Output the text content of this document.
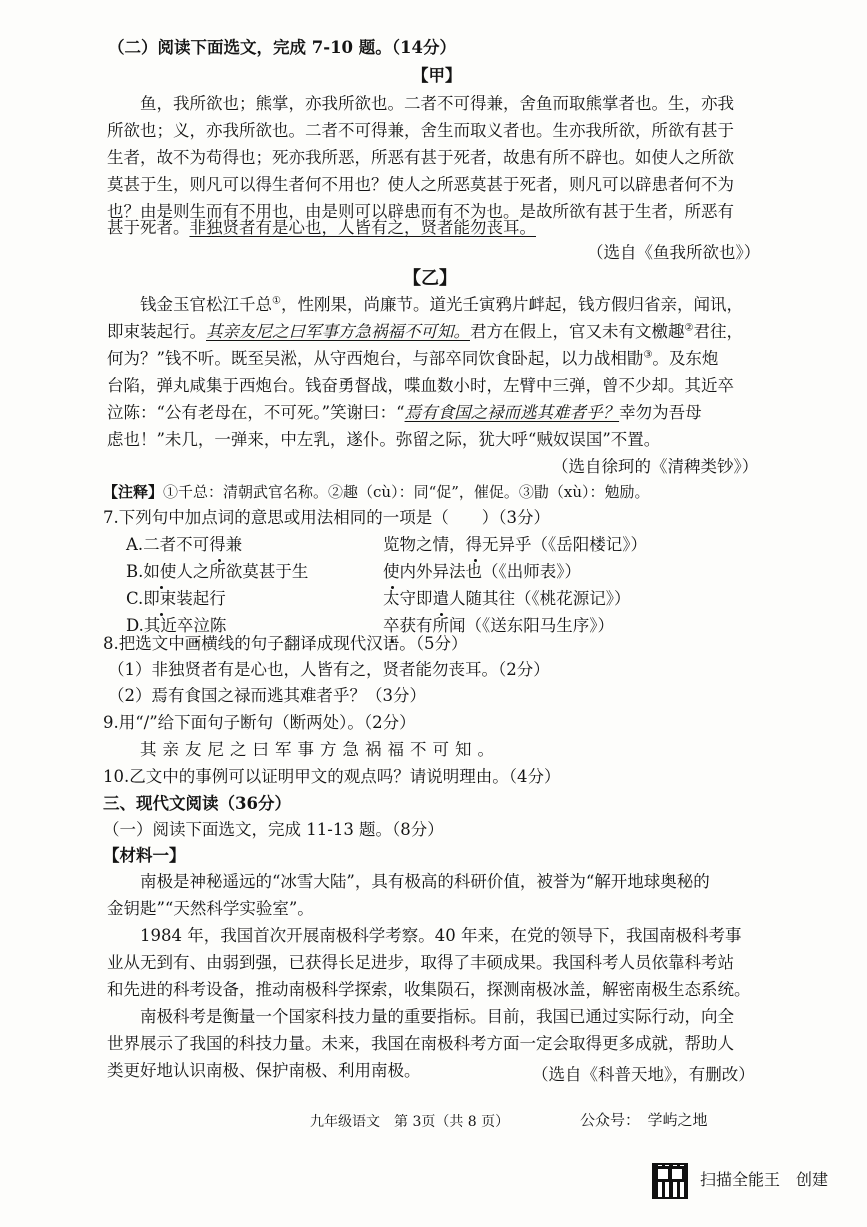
（二）阅读下面选文，完成 7-10 题。（14分）
【甲】
鱼，我所欲也；熊掌，亦我所欲也。二者不可得兼，舍鱼而取熊掌者也。生，亦我
所欲也；义，亦我所欲也。二者不可得兼，舍生而取义者也。生亦我所欲，所欲有甚于
生者，故不为苟得也；死亦我所恶，所恶有甚于死者，故患有所不辟也。如使人之所欲
莫甚于生，则凡可以得生者何不用也？使人之所恶莫甚于死者，则凡可以辟患者何不为
也？由是则生而有不用也，由是则可以辟患而有不为也。是故所欲有甚于生者，所恶有
甚于死者。非独贤者有是心也，人皆有之，贤者能勿丧耳。
（选自《鱼我所欲也》）
【乙】
钱金玉官松江千总①，性刚果，尚廉节。道光壬寅鸦片衅起，钱方假归省亲，闻讯，
即束装起行。其亲友尼之曰军事方急祸福不可知。君方在假上，官又未有文檄趣②君往，
何为？”钱不听。既至吴淞，从守西炮台，与部卒同饮食卧起，以力战相勖③。及东炮
台陷，弹丸咸集于西炮台。钱奋勇督战，喋血数小时，左臂中三弹，曾不少却。其近卒
泣陈：“公有老母在，不可死。”笑谢曰：“焉有食国之禄而逃其难者乎？幸勿为吾母
虑也！”未几，一弹来，中左乳，遂仆。弥留之际，犹大呼“贼奴误国”不置。
（选自徐珂的《清稗类钞》）
【注释】①千总：清朝武官名称。②趣（cù）：同“促”，催促。③勖（xù）：勉励。
7.下列句中加点词的意思或用法相同的一项是（　　）（3分）
A.二者不可得兼	览物之情，得无异乎（《岳阳楼记》）
B.如使人之所欲莫甚于生	使内外异法也（《出师表》）
C.即束装起行	太守即遣人随其往（《桃花源记》）
D.其近卒泣陈	卒获有所闻（《送东阳马生序》）
8.把选文中画横线的句子翻译成现代汉语。（5分）
（1）非独贤者有是心也，人皆有之，贤者能勿丧耳。（2分）
（2）焉有食国之禄而逃其难者乎？（3分）
9.用“/”给下面句子断句（断两处）。（2分）
其亲友尼之曰军事方急祸福不可知。
10.乙文中的事例可以证明甲文的观点吗？请说明理由。（4分）
三、现代文阅读（36分）
（一）阅读下面选文，完成 11-13 题。（8分）
【材料一】
南极是神秘遥远的“冰雪大陆”，具有极高的科研价值，被誉为“解开地球奥秘的
金钥匙”“天然科学实验室”。
1984 年，我国首次开展南极科学考察。40 年来，在党的领导下，我国南极科考事
业从无到有、由弱到强，已获得长足进步，取得了丰硕成果。我国科考人员依靠科考站
和先进的科考设备，推动南极科学探索，收集陨石，探测南极冰盖，解密南极生态系统。
南极科考是衡量一个国家科技力量的重要指标。目前，我国已通过实际行动，向全
世界展示了我国的科技力量。未来，我国在南极科考方面一定会取得更多成就，帮助人
类更好地认识南极、保护南极、利用南极。	（选自《科普天地》，有删改）
九年级语文　第 3页（共 8 页）	公众号：　学屿之地
扫描全能王　创建
